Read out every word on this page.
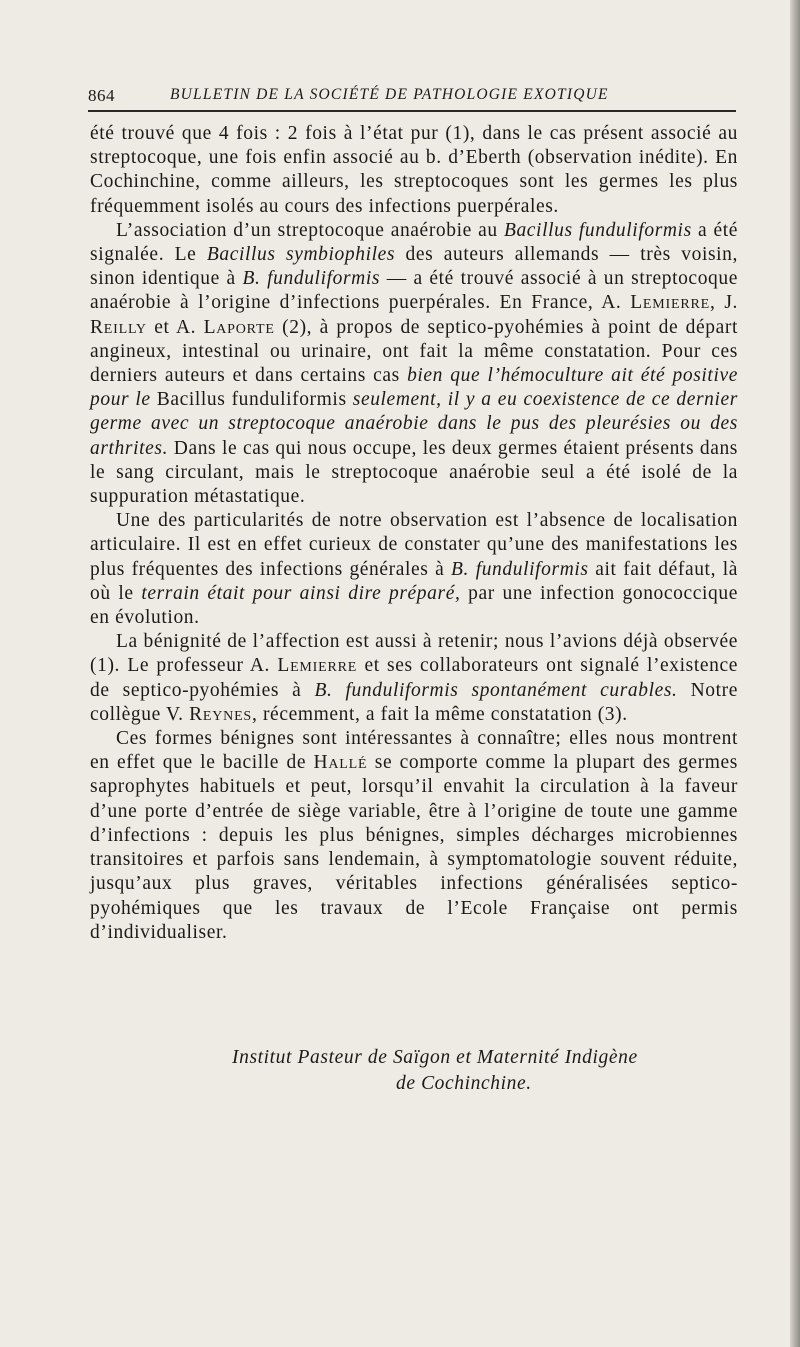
864	BULLETIN DE LA SOCIÉTÉ DE PATHOLOGIE EXOTIQUE

été trouvé que 4 fois : 2 fois à l’état pur (1), dans le cas présent associé au streptocoque, une fois enfin associé au b. d’Eberth (observation inédite). En Cochinchine, comme ailleurs, les streptocoques sont les germes les plus fréquemment isolés au cours des infections puerpérales.

L’association d’un streptocoque anaérobie au Bacillus funduliformis a été signalée. Le Bacillus symbiophiles des auteurs allemands — très voisin, sinon identique à B. funduliformis — a été trouvé associé à un streptocoque anaérobie à l’origine d’infections puerpérales. En France, A. Lemierre, J. Reilly et A. Laporte (2), à propos de septico-pyohémies à point de départ angineux, intestinal ou urinaire, ont fait la même constatation. Pour ces derniers auteurs et dans certains cas bien que l’hémoculture ait été positive pour le Bacillus funduliformis seulement, il y a eu coexistence de ce dernier germe avec un streptocoque anaérobie dans le pus des pleurésies ou des arthrites. Dans le cas qui nous occupe, les deux germes étaient présents dans le sang circulant, mais le streptocoque anaérobie seul a été isolé de la suppuration métastatique.

Une des particularités de notre observation est l’absence de localisation articulaire. Il est en effet curieux de constater qu’une des manifestations les plus fréquentes des infections générales à B. funduliformis ait fait défaut, là où le terrain était pour ainsi dire préparé, par une infection gonococcique en évolution.

La bénignité de l’affection est aussi à retenir; nous l’avions déjà observée (1). Le professeur A. Lemierre et ses collaborateurs ont signalé l’existence de septico-pyohémies à B. funduliformis spontanément curables. Notre collègue V. Reynes, récemment, a fait la même constatation (3).

Ces formes bénignes sont intéressantes à connaître; elles nous montrent en effet que le bacille de Hallé se comporte comme la plupart des germes saprophytes habituels et peut, lorsqu’il envahit la circulation à la faveur d’une porte d’entrée de siège variable, être à l’origine de toute une gamme d’infections : depuis les plus bénignes, simples décharges microbiennes transitoires et parfois sans lendemain, à symptomatologie souvent réduite, jusqu’aux plus graves, véritables infections généralisées septico-pyohémiques que les travaux de l’Ecole Française ont permis d’individualiser.

Institut Pasteur de Saïgon et Maternité Indigène
de Cochinchine.
